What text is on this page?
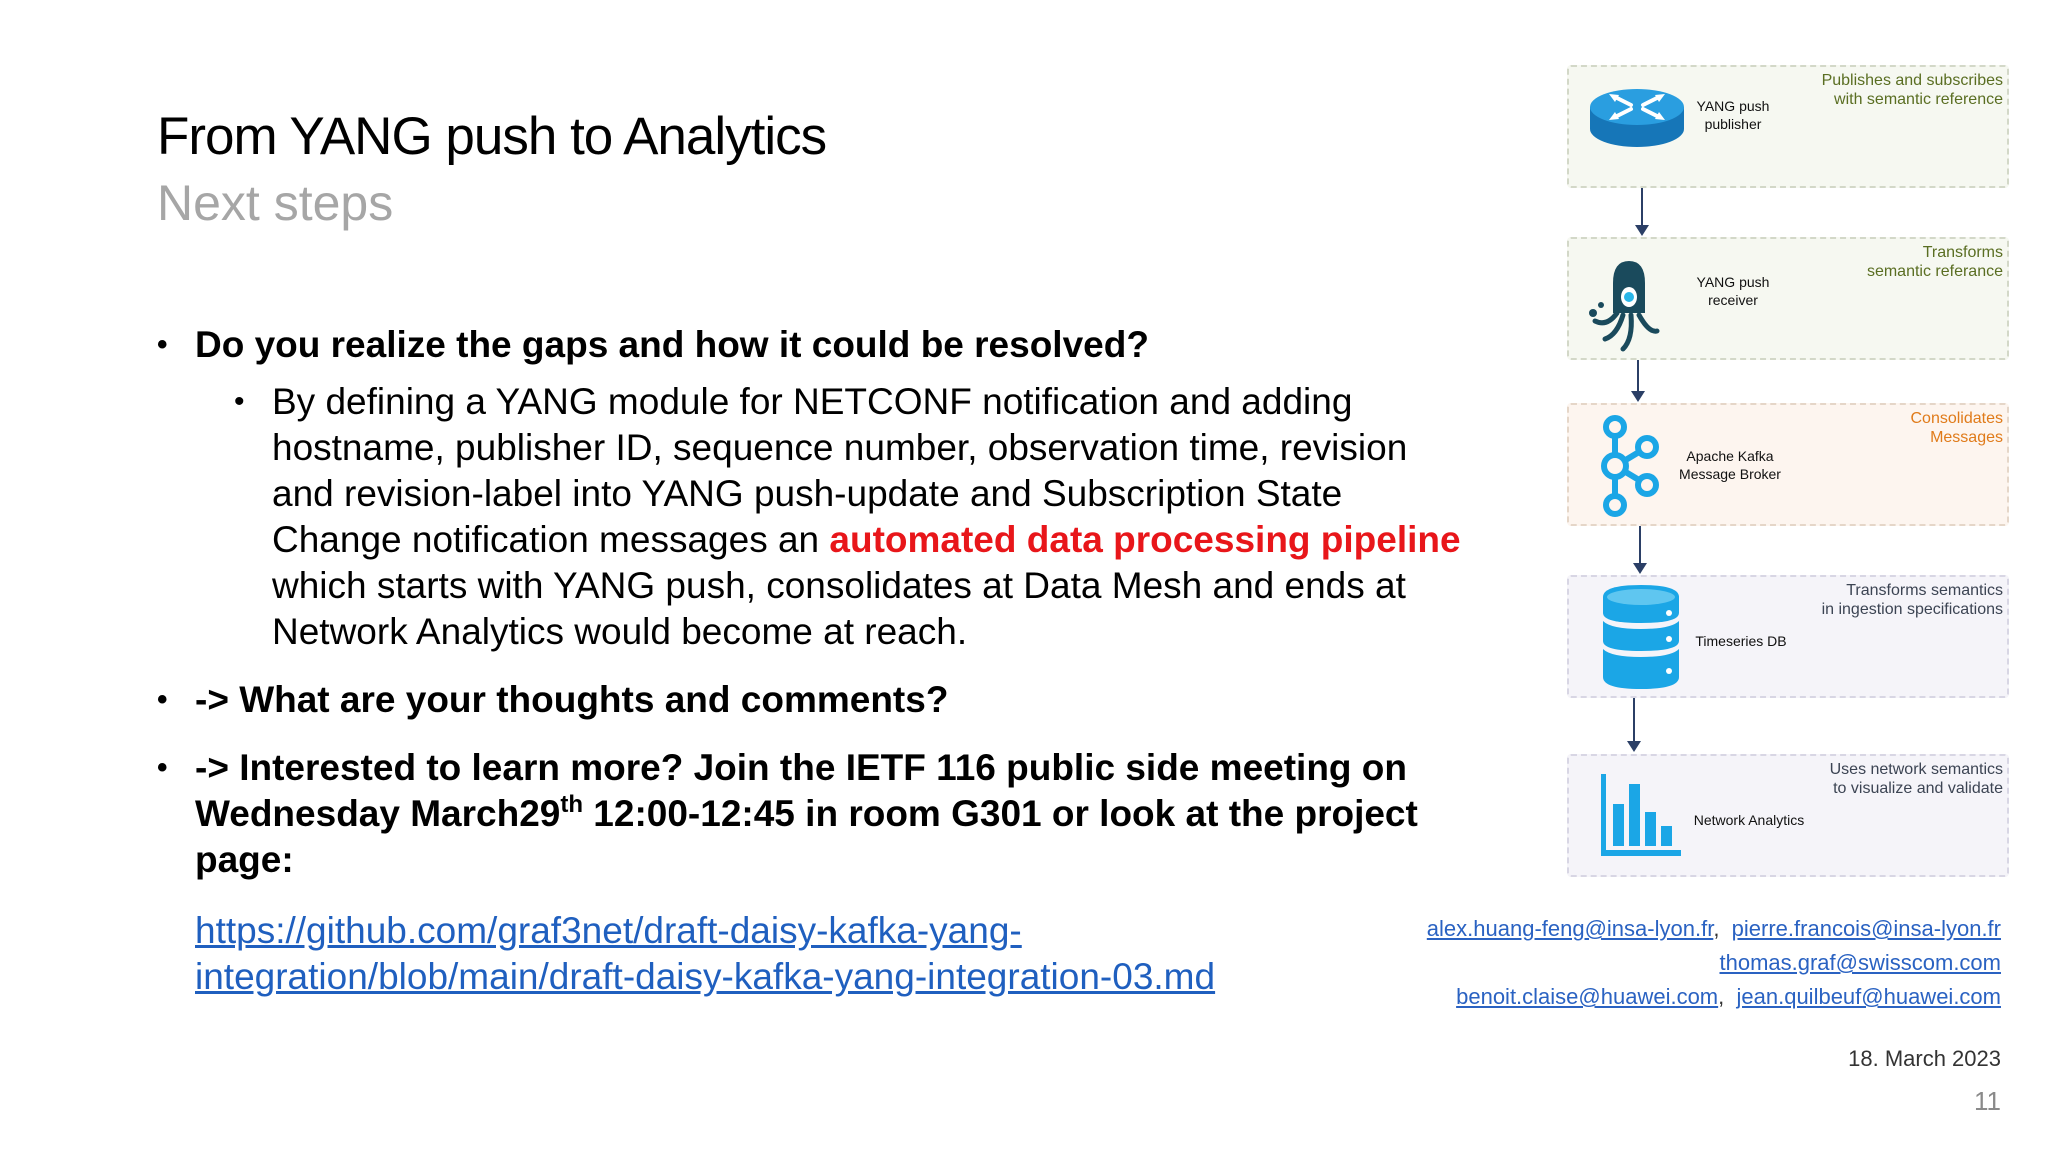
From YANG push to Analytics
Next steps
• Do you realize the gaps and how it could be resolved?
• By defining a YANG module for NETCONF notification and adding
hostname, publisher ID, sequence number, observation time, revision
and revision-label into YANG push-update and Subscription State
Change notification messages an automated data processing pipeline
which starts with YANG push, consolidates at Data Mesh and ends at
Network Analytics would become at reach.
• -> What are your thoughts and comments?
• -> Interested to learn more? Join the IETF 116 public side meeting on
Wednesday March29th 12:00-12:45 in room G301 or look at the project
page:
https://github.com/graf3net/draft-daisy-kafka-yang-
integration/blob/main/draft-daisy-kafka-yang-integration-03.md
alex.huang-feng@insa-lyon.fr, pierre.francois@insa-lyon.fr
thomas.graf@swisscom.com
benoit.claise@huawei.com, jean.quilbeuf@huawei.com
18. March 2023
11
YANG push
publisher
Publishes and subscribes
with semantic reference
YANG push
receiver
Transforms
semantic referance
Apache Kafka
Message Broker
Consolidates
Messages
Timeseries DB
Transforms semantics
in ingestion specifications
Network Analytics
Uses network semantics
to visualize and validate
